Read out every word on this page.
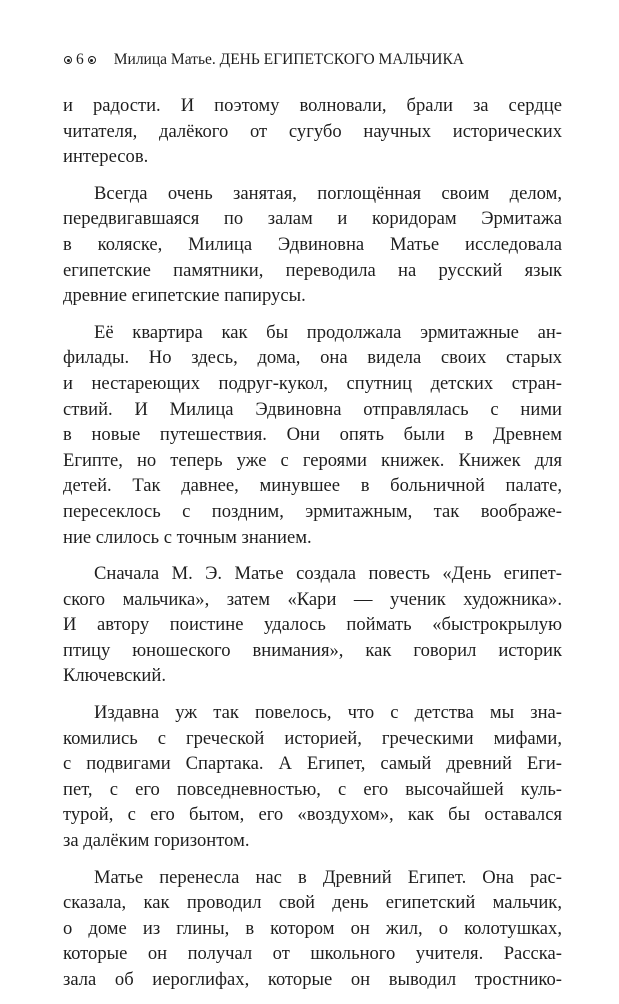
6 Милица Матье. ДЕНЬ ЕГИПЕТСКОГО МАЛЬЧИКА
и радости. И поэтому волновали, брали за сердце
читателя, далёкого от сугубо научных исторических
интересов.
Всегда очень занятая, поглощённая своим делом,
передвигавшаяся по залам и коридорам Эрмитажа
в коляске, Милица Эдвиновна Матье исследовала
египетские памятники, переводила на русский язык
древние египетские папирусы.
Её квартира как бы продолжала эрмитажные ан-
филады. Но здесь, дома, она видела своих старых
и нестареющих подруг-кукол, спутниц детских стран-
ствий. И Милица Эдвиновна отправлялась с ними
в новые путешествия. Они опять были в Древнем
Египте, но теперь уже с героями книжек. Книжек для
детей. Так давнее, минувшее в больничной палате,
пересеклось с поздним, эрмитажным, так воображе-
ние слилось с точным знанием.
Сначала М. Э. Матье создала повесть «День египет-
ского мальчика», затем «Кари — ученик художника».
И автору поистине удалось поймать «быстрокрылую
птицу юношеского внимания», как говорил историк
Ключевский.
Издавна уж так повелось, что с детства мы зна-
комились с греческой историей, греческими мифами,
с подвигами Спартака. А Египет, самый древний Еги-
пет, с его повседневностью, с его высочайшей куль-
турой, с его бытом, его «воздухом», как бы оставался
за далёким горизонтом.
Матье перенесла нас в Древний Египет. Она рас-
сказала, как проводил свой день египетский мальчик,
о доме из глины, в котором он жил, о колотушках,
которые он получал от школьного учителя. Расска-
зала об иероглифах, которые он выводил тростнико-
